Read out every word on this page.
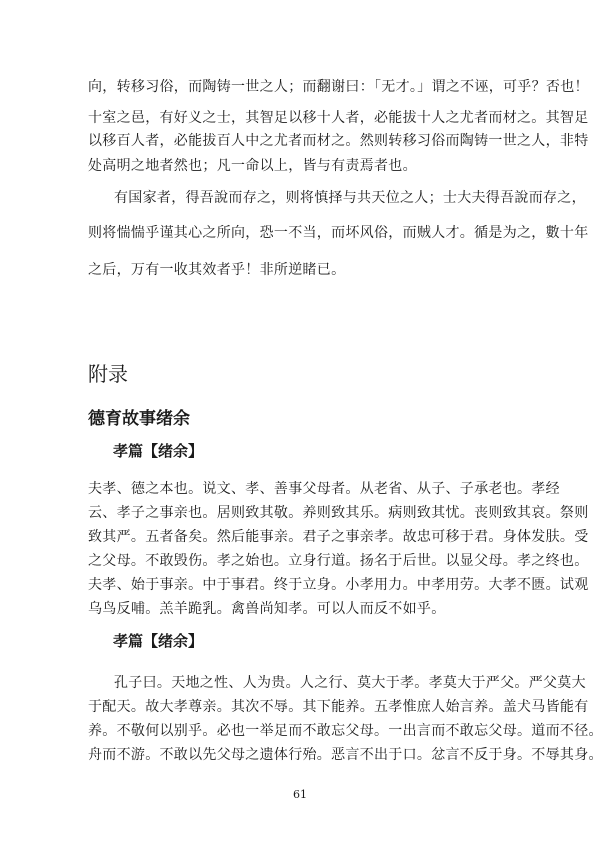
向，转移习俗，而陶铸一世之人；而翻谢曰：「无才。」谓之不诬，可乎？否也！
十室之邑，有好义之士，其智足以移十人者，必能拔十人之尤者而材之。其智足
以移百人者，必能拔百人中之尤者而材之。然则转移习俗而陶铸一世之人，非特
处高明之地者然也；凡一命以上，皆与有责焉者也。
有国家者，得吾說而存之，则将慎择与共天位之人；士大夫得吾說而存之，
则将惴惴乎谨其心之所向，恐一不当，而坏风俗，而贼人才。循是为之，數十年
之后，万有一收其效者乎！非所逆睹已。
附录
德育故事绪余
孝篇【绪余】
夫孝、德之本也。说文、孝、善事父母者。从老省、从子、子承老也。孝经
云、孝子之事亲也。居则致其敬。养则致其乐。病则致其忧。丧则致其哀。祭则
致其严。五者备矣。然后能事亲。君子之事亲孝。故忠可移于君。身体发肤。受
之父母。不敢毁伤。孝之始也。立身行道。扬名于后世。以显父母。孝之终也。
夫孝、始于事亲。中于事君。终于立身。小孝用力。中孝用劳。大孝不匮。试观
乌鸟反哺。羔羊跪乳。禽兽尚知孝。可以人而反不如乎。
孝篇【绪余】
孔子曰。天地之性、人为贵。人之行、莫大于孝。孝莫大于严父。严父莫大
于配天。故大孝尊亲。其次不辱。其下能养。五孝惟庶人始言养。盖犬马皆能有
养。不敬何以别乎。必也一举足而不敢忘父母。一出言而不敢忘父母。道而不径。
舟而不游。不敢以先父母之遗体行殆。恶言不出于口。忿言不反于身。不辱其身。
61
